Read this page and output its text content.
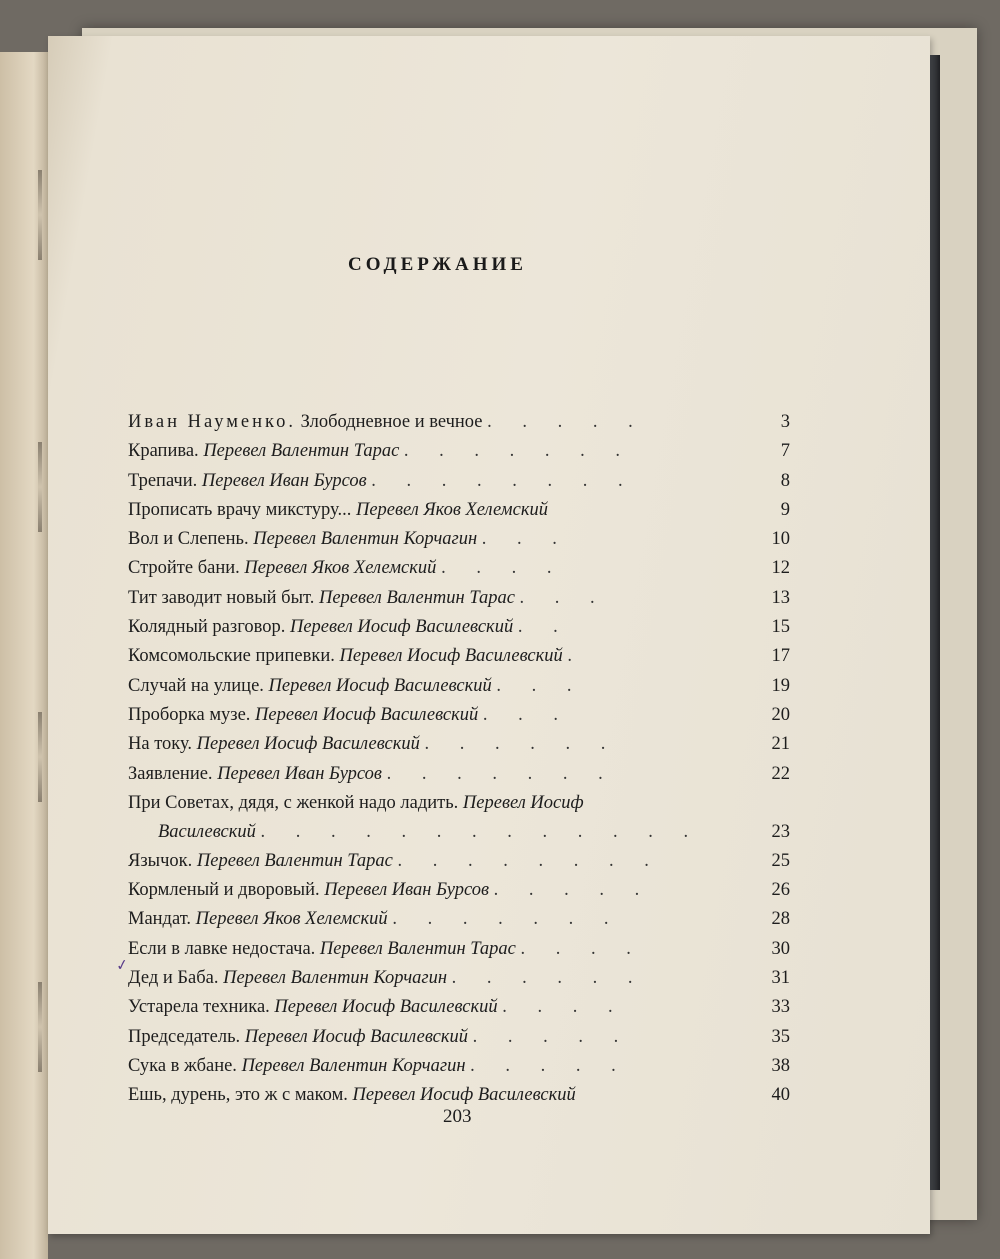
СОДЕРЖАНИЕ
Иван Науменко. Злободневное и вечное . . . . .	3
Крапива. Перевел Валентин Тарас . . . . . . .	7
Трепачи. Перевел Иван Бурсов . . . . . . . .	8
Прописать врачу микстуру... Перевел Яков Хелемский	9
Вол и Слепень. Перевел Валентин Корчагин . . .	10
Стройте бани. Перевел Яков Хелемский . . . .	12
Тит заводит новый быт. Перевел Валентин Тарас . . .	13
Колядный разговор. Перевел Иосиф Василевский . .	15
Комсомольские припевки. Перевел Иосиф Василевский .	17
Случай на улице. Перевел Иосиф Василевский . . .	19
Проборка музе. Перевел Иосиф Василевский . . .	20
На току. Перевел Иосиф Василевский . . . . . .	21
Заявление. Перевел Иван Бурсов . . . . . . .	22
При Советах, дядя, с женкой надо ладить. Перевел Иосиф
Василевский . . . . . . . . . . . . .	23
Язычок. Перевел Валентин Тарас . . . . . . . .	25
Кормленый и дворовый. Перевел Иван Бурсов . . . . .	26
Мандат. Перевел Яков Хелемский . . . . . . .	28
Если в лавке недостача. Перевел Валентин Тарас . . . .	30
Дед и Баба. Перевел Валентин Корчагин . . . . . .	31
Устарела техника. Перевел Иосиф Василевский . . . .	33
Председатель. Перевел Иосиф Василевский . . . . .	35
Сука в жбане. Перевел Валентин Корчагин . . . . .	38
Ешь, дурень, это ж с маком. Перевел Иосиф Василевский	40
203
✓
